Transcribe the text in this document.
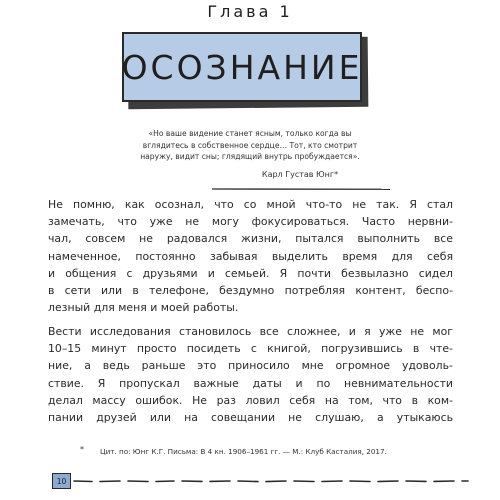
Глава 1
ОСОЗНАНИЕ
«Но ваше видение станет ясным, только когда вы
вглядитесь в собственное сердце… Тот, кто смотрит
наружу, видит сны; глядящий внутрь пробуждается».
Карл Густав Юнг*
Не помню, как осознал, что со мной что-то не так. Я стал
замечать, что уже не могу фокусироваться. Часто нервни-
чал, совсем не радовался жизни, пытался выполнить все
намеченное, постоянно забывая выделить время для себя
и общения с друзьями и семьей. Я почти безвылазно сидел
в сети или в телефоне, бездумно потребляя контент, беспо-
лезный для меня и моей работы.
Вести исследования становилось все сложнее, и я уже не мог
10–15 минут просто посидеть с книгой, погрузившись в чте-
ние, а ведь раньше это приносило мне огромное удоволь-
ствие. Я пропускал важные даты и по невнимательности
делал массу ошибок. Не раз ловил себя на том, что в ком-
пании друзей или на совещании не слушаю, а утыкаюсь
* Цит. по: Юнг К.Г. Письма: В 4 кн. 1906–1961 гг. — М.: Клуб Касталия, 2017.
10
